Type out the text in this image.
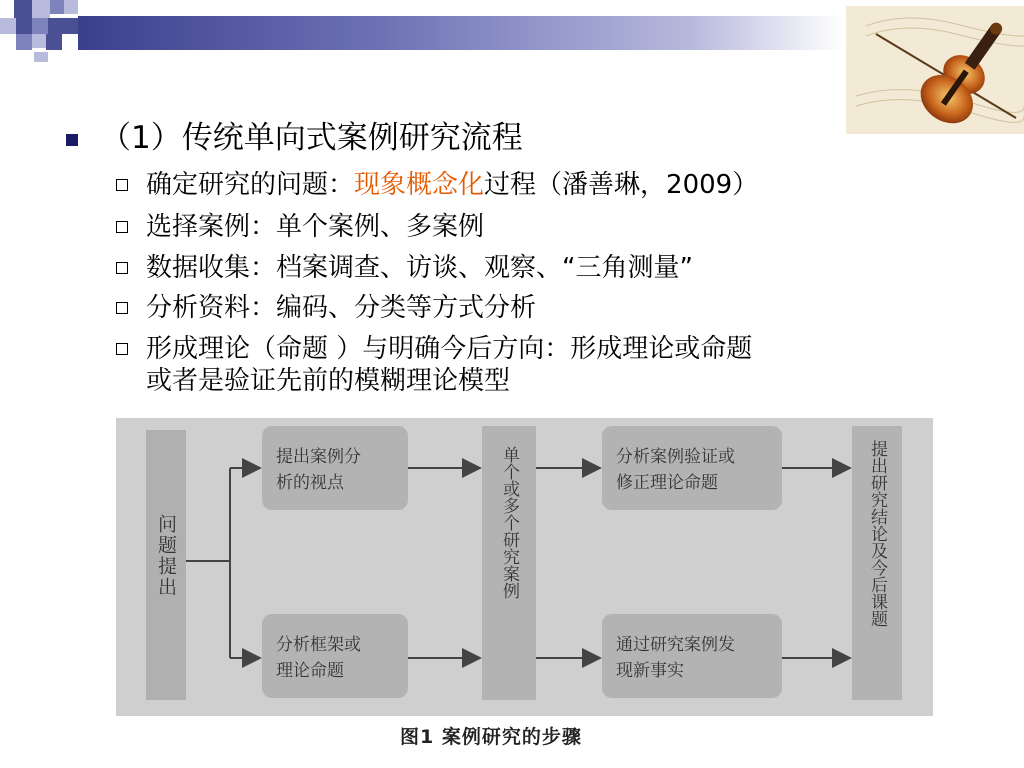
（1）传统单向式案例研究流程
确定研究的问题：现象概念化过程（潘善琳，2009）
选择案例：单个案例、多案例
数据收集：档案调查、访谈、观察、“三角测量”
分析资料：编码、分类等方式分析
形成理论（命题 ）与明确今后方向：形成理论或命题
或者是验证先前的模糊理论模型
提出案例分
析的视点
分析框架或
理论命题
分析案例验证或
修正理论命题
通过研究案例发
现新事实
问题提出	单个或多个研究案例	提出研究结论及今后课题
图1 案例研究的步骤
